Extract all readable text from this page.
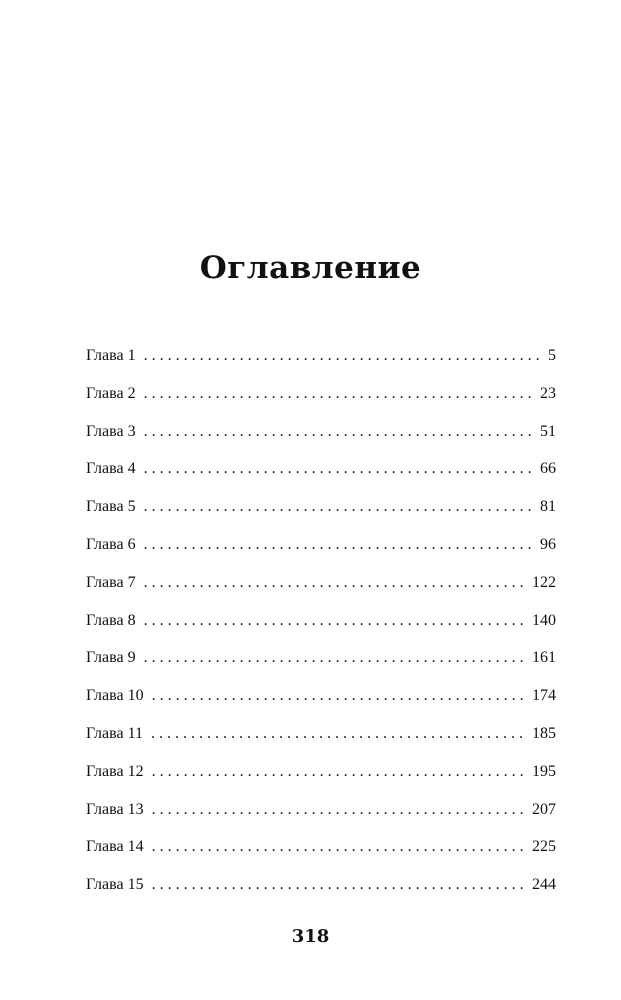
Оглавление
Глава 1 . . .	5
Глава 2 . . .	23
Глава 3 . . .	51
Глава 4 . . .	66
Глава 5 . . .	81
Глава 6 . . .	96
Глава 7 . . .	122
Глава 8 . . .	140
Глава 9 . . .	161
Глава 10 . . .	174
Глава 11 . . .	185
Глава 12 . . .	195
Глава 13 . . .	207
Глава 14 . . .	225
Глава 15 . . .	244
318
